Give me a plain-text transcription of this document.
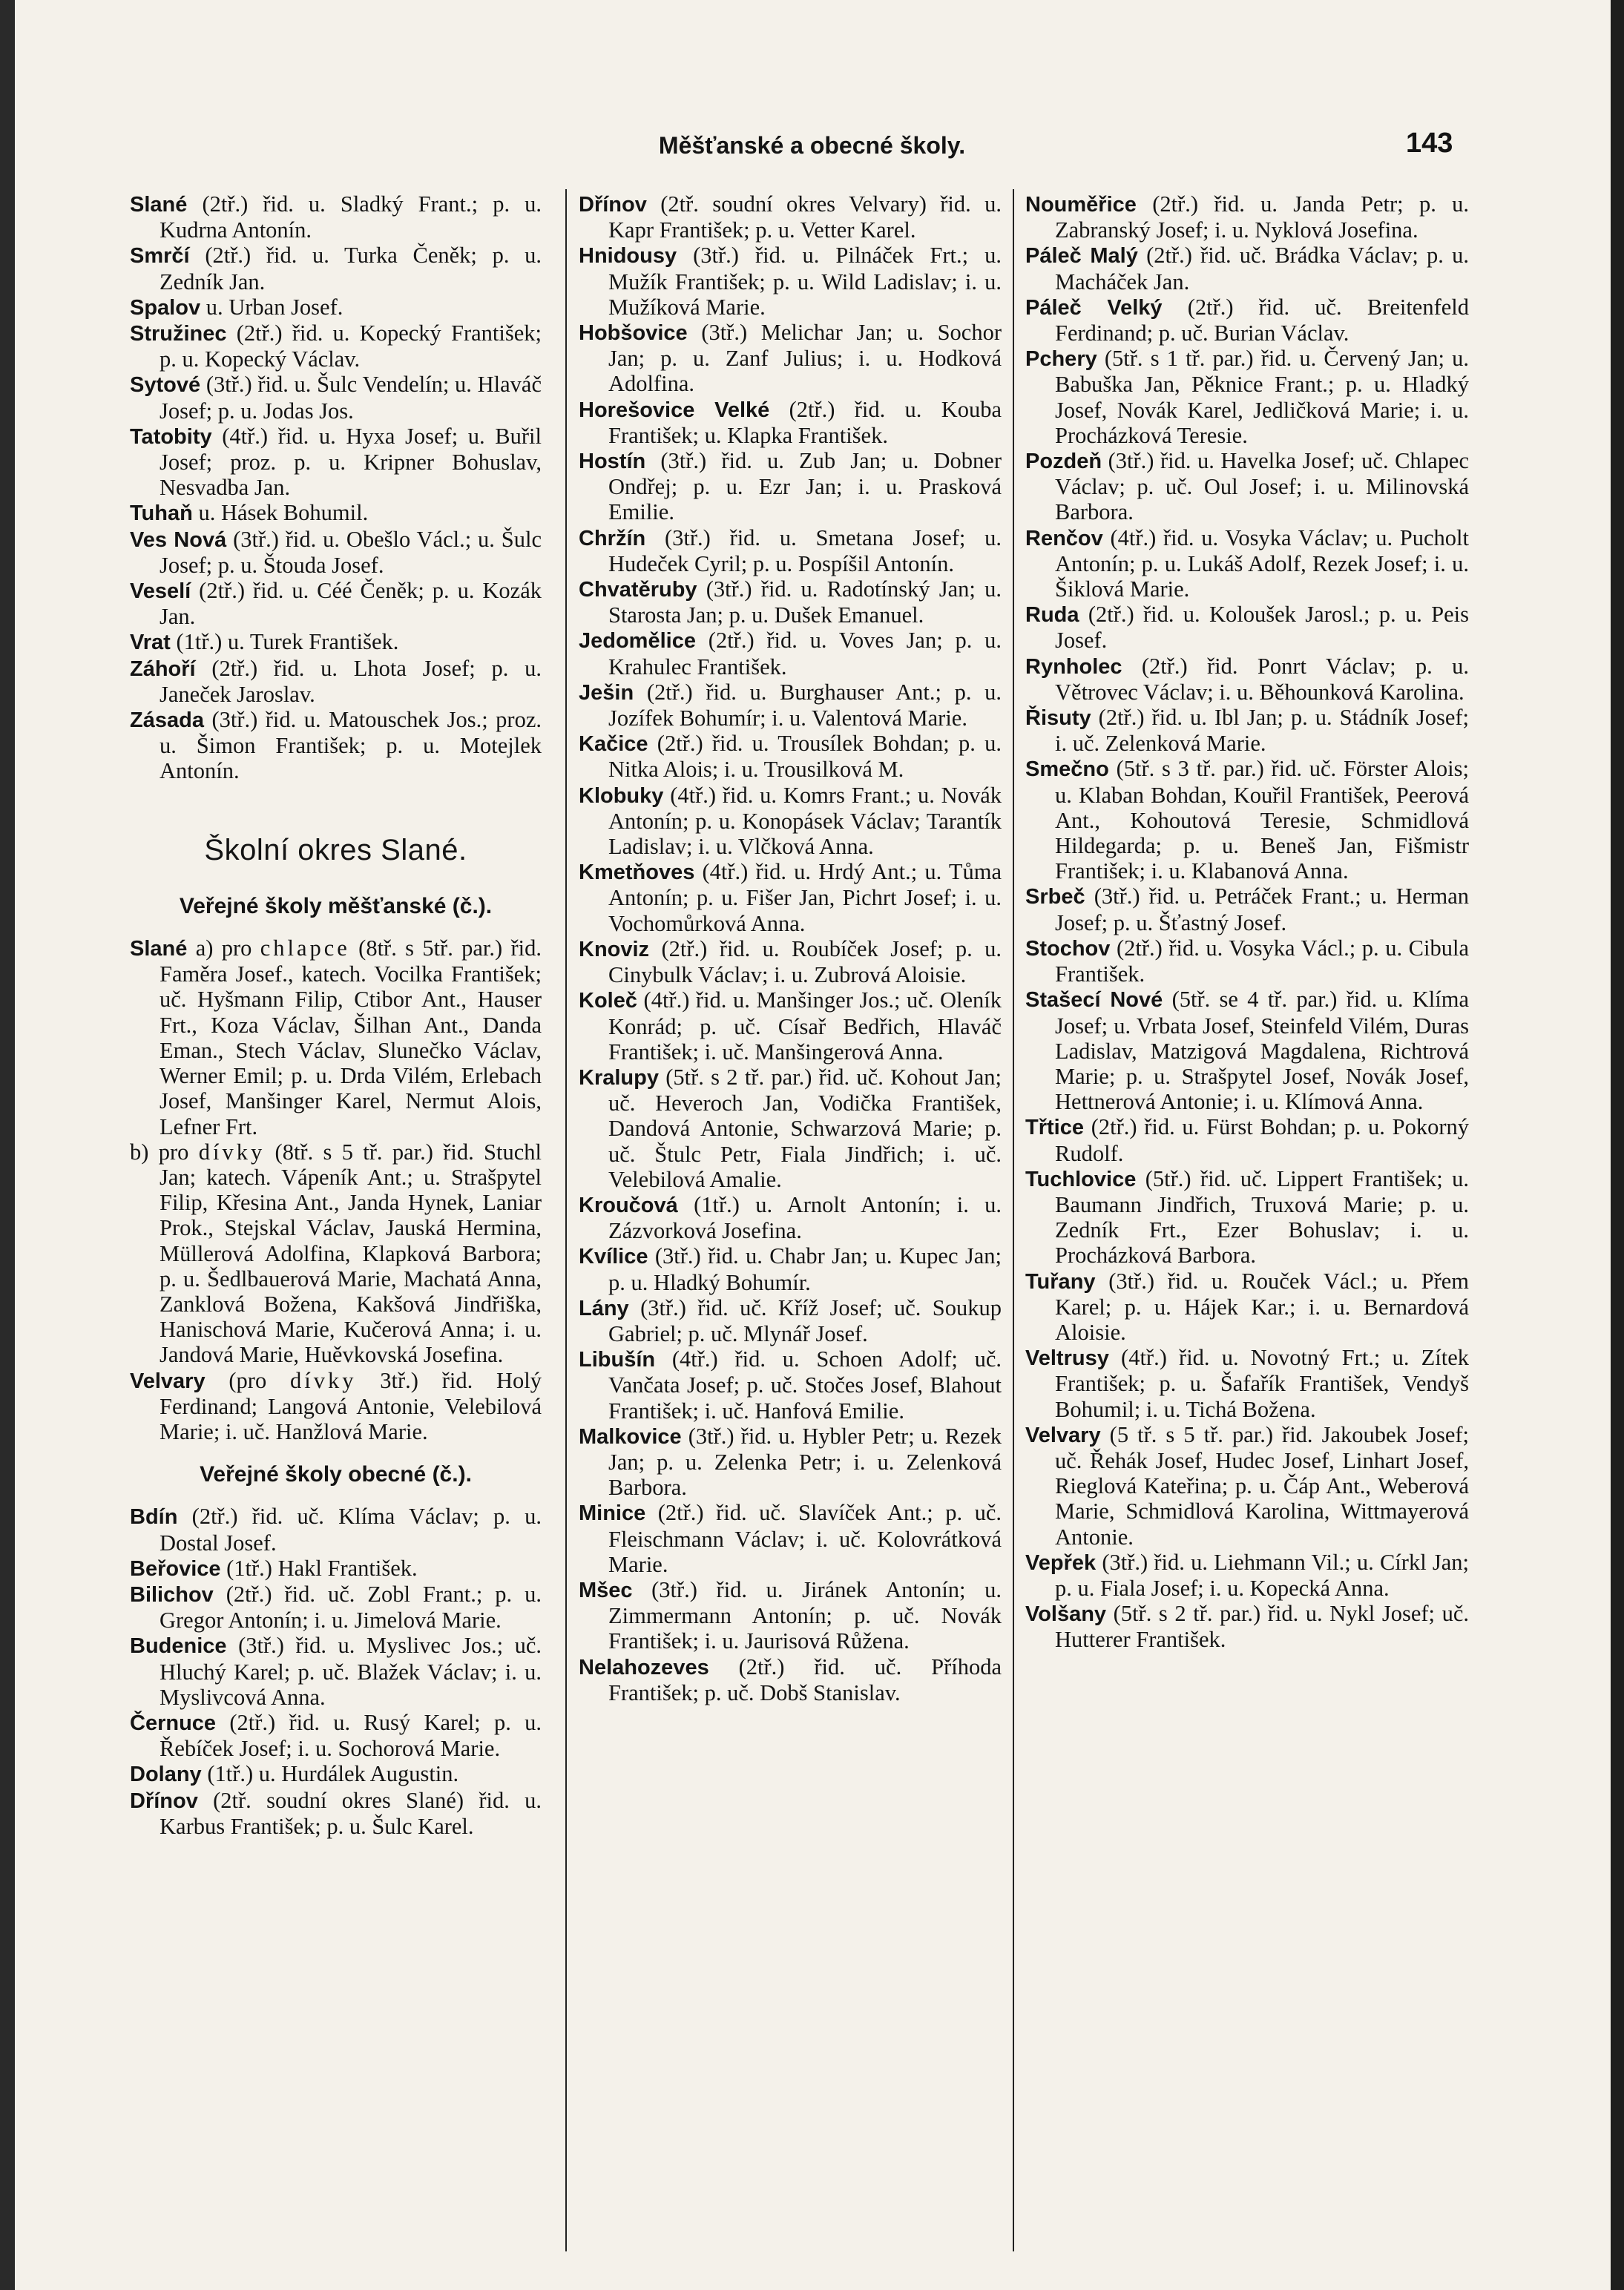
Měšťanské a obecné školy.	143

Slané (2tř.) řid. u. Sladký Frant.; p. u. Kudrna Antonín.

Smrčí (2tř.) řid. u. Turka Čeněk; p. u. Zedník Jan.

Spalov u. Urban Josef.

Stružinec (2tř.) řid. u. Kopecký František; p. u. Kopecký Václav.

Sytové (3tř.) řid. u. Šulc Vendelín; u. Hlaváč Josef; p. u. Jodas Jos.

Tatobity (4tř.) řid. u. Hyxa Josef; u. Buřil Josef; proz. p. u. Kripner Bohuslav, Nesvadba Jan.

Tuhaň u. Hásek Bohumil.

Ves Nová (3tř.) řid. u. Obešlo Václ.; u. Šulc Josef; p. u. Štouda Josef.

Veselí (2tř.) řid. u. Céé Čeněk; p. u. Kozák Jan.

Vrat (1tř.) u. Turek František.

Záhoří (2tř.) řid. u. Lhota Josef; p. u. Janeček Jaroslav.

Zásada (3tř.) řid. u. Matouschek Jos.; proz. u. Šimon František; p. u. Motejlek Antonín.

Školní okres Slané.
Veřejné školy měšťanské (č.).

Slané a) pro chlapce (8tř. s 5tř. par.) řid. Faměra Josef., katech. Vocilka František; uč. Hyšmann Filip, Ctibor Ant., Hauser Frt., Koza Václav, Šilhan Ant., Danda Eman., Stech Václav, Slunečko Václav, Werner Emil; p. u. Drda Vilém, Erlebach Josef, Manšinger Karel, Nermut Alois, Lefner Frt.

b) pro dívky (8tř. s 5 tř. par.) řid. Stuchl Jan; katech. Vápeník Ant.; u. Strašpytel Filip, Křesina Ant., Janda Hynek, Laniar Prok., Stejskal Václav, Jauská Hermina, Müllerová Adolfina, Klapková Barbora; p. u. Šedlbauerová Marie, Machatá Anna, Zanklová Božena, Kakšová Jindřiška, Hanischová Marie, Kučerová Anna; i. u. Jandová Marie, Huěvkovská Josefina.

Velvary (pro dívky 3tř.) řid. Holý Ferdinand; Langová Antonie, Velebilová Marie; i. uč. Hanžlová Marie.

Veřejné školy obecné (č.).

Bdín (2tř.) řid. uč. Klíma Václav; p. u. Dostal Josef.

Beřovice (1tř.) Hakl František.

Bilichov (2tř.) řid. uč. Zobl Frant.; p. u. Gregor Antonín; i. u. Jimelová Marie.

Budenice (3tř.) řid. u. Myslivec Jos.; uč. Hluchý Karel; p. uč. Blažek Václav; i. u. Myslivcová Anna.

Černuce (2tř.) řid. u. Rusý Karel; p. u. Řebíček Josef; i. u. Sochorová Marie.

Dolany (1tř.) u. Hurdálek Augustin.

Dřínov (2tř. soudní okres Slané) řid. u. Karbus František; p. u. Šulc Karel.

Dřínov (2tř. soudní okres Velvary) řid. u. Kapr František; p. u. Vetter Karel.

Hnidousy (3tř.) řid. u. Pilnáček Frt.; u. Mužík František; p. u. Wild Ladislav; i. u. Mužíková Marie.

Hobšovice (3tř.) Melichar Jan; u. Sochor Jan; p. u. Zanf Julius; i. u. Hodková Adolfina.

Horešovice Velké (2tř.) řid. u. Kouba František; u. Klapka František.

Hostín (3tř.) řid. u. Zub Jan; u. Dobner Ondřej; p. u. Ezr Jan; i. u. Prasková Emilie.

Chržín (3tř.) řid. u. Smetana Josef; u. Hudeček Cyril; p. u. Pospíšil Antonín.

Chvatěruby (3tř.) řid. u. Radotínský Jan; u. Starosta Jan; p. u. Dušek Emanuel.

Jedomělice (2tř.) řid. u. Voves Jan; p. u. Krahulec František.

Ješin (2tř.) řid. u. Burghauser Ant.; p. u. Jozífek Bohumír; i. u. Valentová Marie.

Kačice (2tř.) řid. u. Trousílek Bohdan; p. u. Nitka Alois; i. u. Trousilková M.

Klobuky (4tř.) řid. u. Komrs Frant.; u. Novák Antonín; p. u. Konopásek Václav; Tarantík Ladislav; i. u. Vlčková Anna.

Kmetňoves (4tř.) řid. u. Hrdý Ant.; u. Tůma Antonín; p. u. Fišer Jan, Pichrt Josef; i. u. Vochomůrková Anna.

Knoviz (2tř.) řid. u. Roubíček Josef; p. u. Cinybulk Václav; i. u. Zubrová Aloisie.

Koleč (4tř.) řid. u. Manšinger Jos.; uč. Oleník Konrád; p. uč. Císař Bedřich, Hlaváč František; i. uč. Manšingerová Anna.

Kralupy (5tř. s 2 tř. par.) řid. uč. Kohout Jan; uč. Heveroch Jan, Vodička František, Dandová Antonie, Schwarzová Marie; p. uč. Štulc Petr, Fiala Jindřich; i. uč. Velebilová Amalie.

Kroučová (1tř.) u. Arnolt Antonín; i. u. Zázvorková Josefina.

Kvílice (3tř.) řid. u. Chabr Jan; u. Kupec Jan; p. u. Hladký Bohumír.

Lány (3tř.) řid. uč. Kříž Josef; uč. Soukup Gabriel; p. uč. Mlynář Josef.

Libušín (4tř.) řid. u. Schoen Adolf; uč. Vančata Josef; p. uč. Stočes Josef, Blahout František; i. uč. Hanfová Emilie.

Malkovice (3tř.) řid. u. Hybler Petr; u. Rezek Jan; p. u. Zelenka Petr; i. u. Zelenková Barbora.

Minice (2tř.) řid. uč. Slavíček Ant.; p. uč. Fleischmann Václav; i. uč. Kolovrátková Marie.

Mšec (3tř.) řid. u. Jiránek Antonín; u. Zimmermann Antonín; p. uč. Novák František; i. u. Jaurisová Růžena.

Nelahozeves (2tř.) řid. uč. Příhoda František; p. uč. Dobš Stanislav.

Nouměřice (2tř.) řid. u. Janda Petr; p. u. Zabranský Josef; i. u. Nyklová Josefina.

Páleč Malý (2tř.) řid. uč. Brádka Václav; p. u. Macháček Jan.

Páleč Velký (2tř.) řid. uč. Breitenfeld Ferdinand; p. uč. Burian Václav.

Pchery (5tř. s 1 tř. par.) řid. u. Červený Jan; u. Babuška Jan, Pěknice Frant.; p. u. Hladký Josef, Novák Karel, Jedličková Marie; i. u. Procházková Teresie.

Pozdeň (3tř.) řid. u. Havelka Josef; uč. Chlapec Václav; p. uč. Oul Josef; i. u. Milinovská Barbora.

Renčov (4tř.) řid. u. Vosyka Václav; u. Pucholt Antonín; p. u. Lukáš Adolf, Rezek Josef; i. u. Šiklová Marie.

Ruda (2tř.) řid. u. Koloušek Jarosl.; p. u. Peis Josef.

Rynholec (2tř.) řid. Ponrt Václav; p. u. Větrovec Václav; i. u. Běhounková Karolina.

Řisuty (2tř.) řid. u. Ibl Jan; p. u. Stádník Josef; i. uč. Zelenková Marie.

Smečno (5tř. s 3 tř. par.) řid. uč. Förster Alois; u. Klaban Bohdan, Kouřil František, Peerová Ant., Kohoutová Teresie, Schmidlová Hildegarda; p. u. Beneš Jan, Fišmistr František; i. u. Klabanová Anna.

Srbeč (3tř.) řid. u. Petráček Frant.; u. Herman Josef; p. u. Šťastný Josef.

Stochov (2tř.) řid. u. Vosyka Václ.; p. u. Cibula František.

Stašecí Nové (5tř. se 4 tř. par.) řid. u. Klíma Josef; u. Vrbata Josef, Steinfeld Vilém, Duras Ladislav, Matzigová Magdalena, Richtrová Marie; p. u. Strašpytel Josef, Novák Josef, Hettnerová Antonie; i. u. Klímová Anna.

Třtice (2tř.) řid. u. Fürst Bohdan; p. u. Pokorný Rudolf.

Tuchlovice (5tř.) řid. uč. Lippert František; u. Baumann Jindřich, Truxová Marie; p. u. Zedník Frt., Ezer Bohuslav; i. u. Procházková Barbora.

Tuřany (3tř.) řid. u. Rouček Václ.; u. Přem Karel; p. u. Hájek Kar.; i. u. Bernardová Aloisie.

Veltrusy (4tř.) řid. u. Novotný Frt.; u. Zítek František; p. u. Šafařík František, Vendyš Bohumil; i. u. Tichá Božena.

Velvary (5 tř. s 5 tř. par.) řid. Jakoubek Josef; uč. Řehák Josef, Hudec Josef, Linhart Josef, Rieglová Kateřina; p. u. Čáp Ant., Weberová Marie, Schmidlová Karolina, Wittmayerová Antonie.

Vepřek (3tř.) řid. u. Liehmann Vil.; u. Církl Jan; p. u. Fiala Josef; i. u. Kopecká Anna.

Volšany (5tř. s 2 tř. par.) řid. u. Nykl Josef; uč. Hutterer František.
